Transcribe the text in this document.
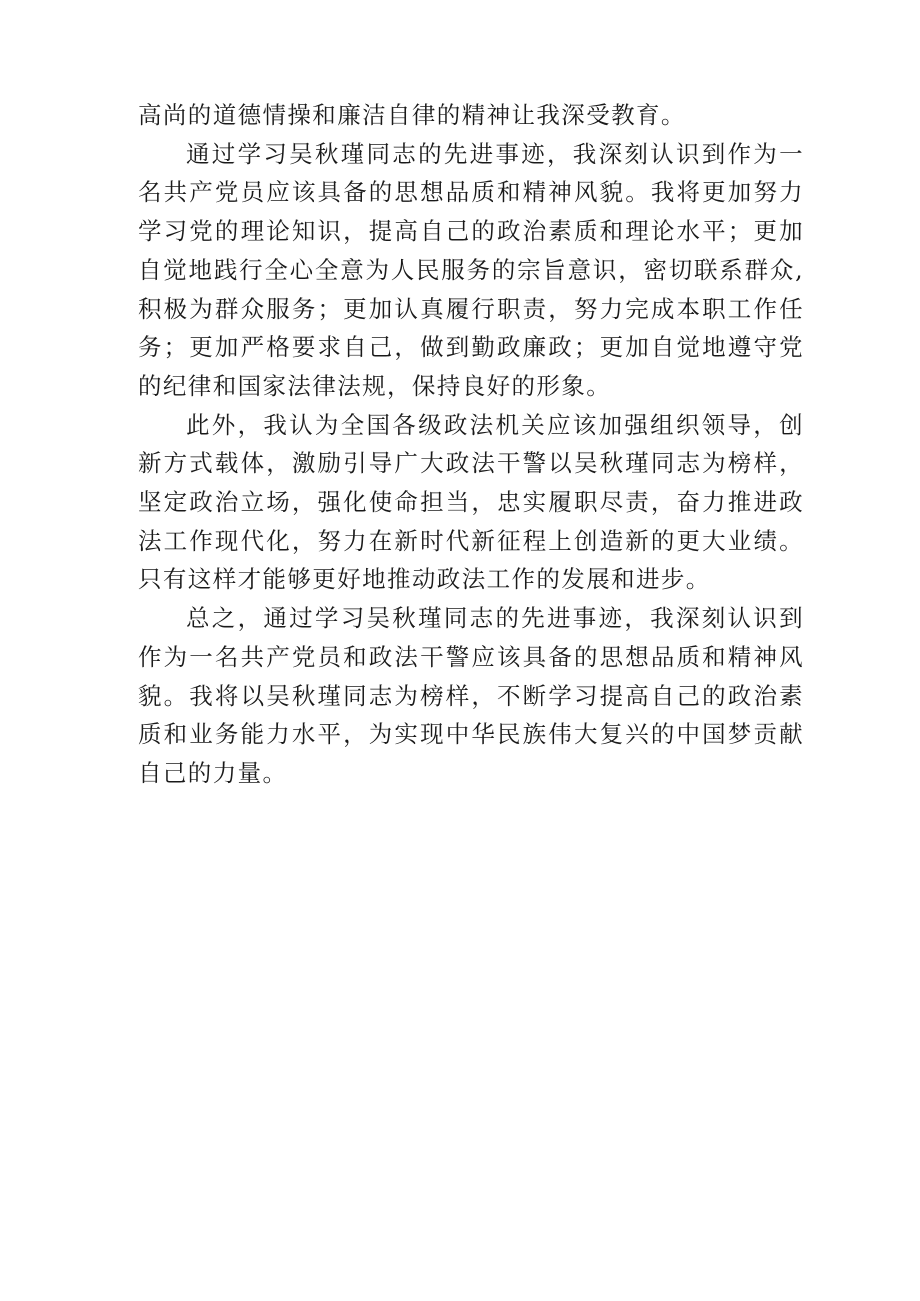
高尚的道德情操和廉洁自律的精神让我深受教育。

通过学习吴秋瑾同志的先进事迹，我深刻认识到作为一名共产党员应该具备的思想品质和精神风貌。我将更加努力学习党的理论知识，提高自己的政治素质和理论水平；更加自觉地践行全心全意为人民服务的宗旨意识，密切联系群众,积极为群众服务；更加认真履行职责，努力完成本职工作任务；更加严格要求自己，做到勤政廉政；更加自觉地遵守党的纪律和国家法律法规，保持良好的形象。

此外，我认为全国各级政法机关应该加强组织领导，创新方式载体，激励引导广大政法干警以吴秋瑾同志为榜样，坚定政治立场，强化使命担当，忠实履职尽责，奋力推进政法工作现代化，努力在新时代新征程上创造新的更大业绩。只有这样才能够更好地推动政法工作的发展和进步。

总之，通过学习吴秋瑾同志的先进事迹，我深刻认识到作为一名共产党员和政法干警应该具备的思想品质和精神风貌。我将以吴秋瑾同志为榜样，不断学习提高自己的政治素质和业务能力水平，为实现中华民族伟大复兴的中国梦贡献自己的力量。
